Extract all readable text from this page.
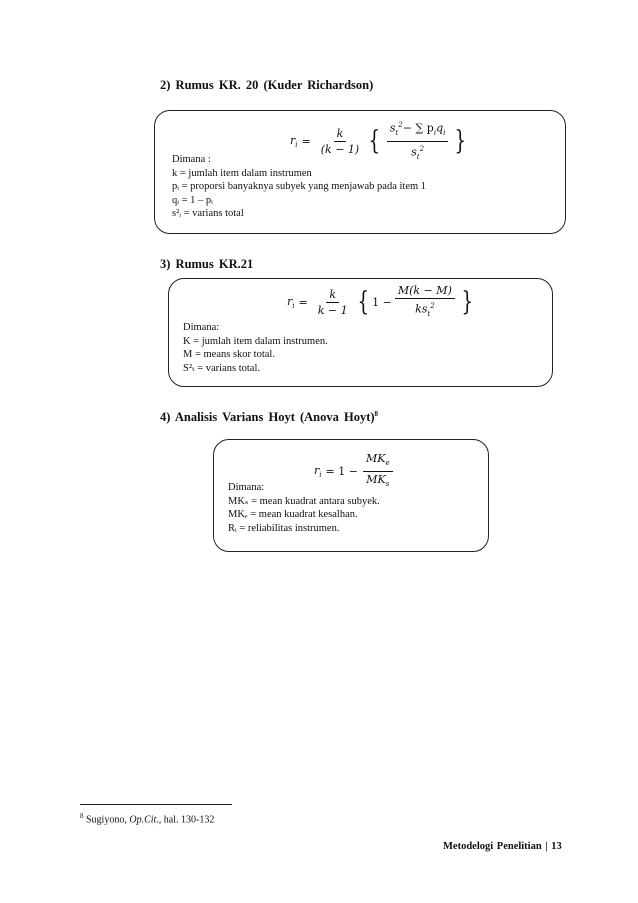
2) Rumus KR. 20 (Kuder Richardson)
$r_i = \frac{k}{(k - 1)}$ { $\frac{s_t^2- \sum p_iq_i}{s_t^2}$ }
Dimana :
k = jumlah item dalam instrumen
pᵢ = proporsi banyaknya subyek yang menjawab pada item 1
qᵢ = 1 – pᵢ
s²ᵢ = varians total
3) Rumus KR.21
$r_i = \frac{k}{k - 1}$ { $1 - \frac{M(k - M)}{ks_t^2}$ }
Dimana:
K = jumlah item dalam instrumen.
M = means skor total.
S²ₜ = varians total.
4) Analisis Varians Hoyt (Anova Hoyt)$^8$
$r_i = 1 - \frac{MK_e}{MK_s}$
Dimana:
MKₛ = mean kuadrat antara subyek.
MKₑ = mean kuadrat kesalhan.
Rᵢ = reliabilitas instrumen.
$^8$ Sugiyono, Op.Cit., hal. 130-132
Metodelogi Penelitian | 13
